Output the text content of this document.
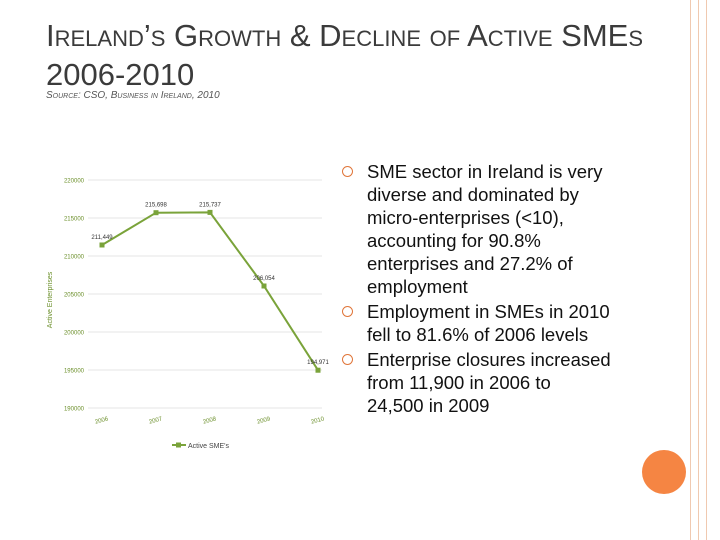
Ireland’s Growth & Decline of Active SMEs 2006-2010
Source: CSO, Business in Ireland, 2010
220000
215000
210000
205000
200000
195000
190000
Active Enterprises
2006	2007	2008	2009	2010
211,449
215,698	215,737
206,054
194,971
Active SME's
SME sector in Ireland is very diverse and dominated by micro-enterprises (<10), accounting for 90.8% enterprises and 27.2% of employment
Employment in SMEs in 2010 fell to 81.6% of 2006 levels
Enterprise closures increased from 11,900 in 2006 to 24,500 in 2009
